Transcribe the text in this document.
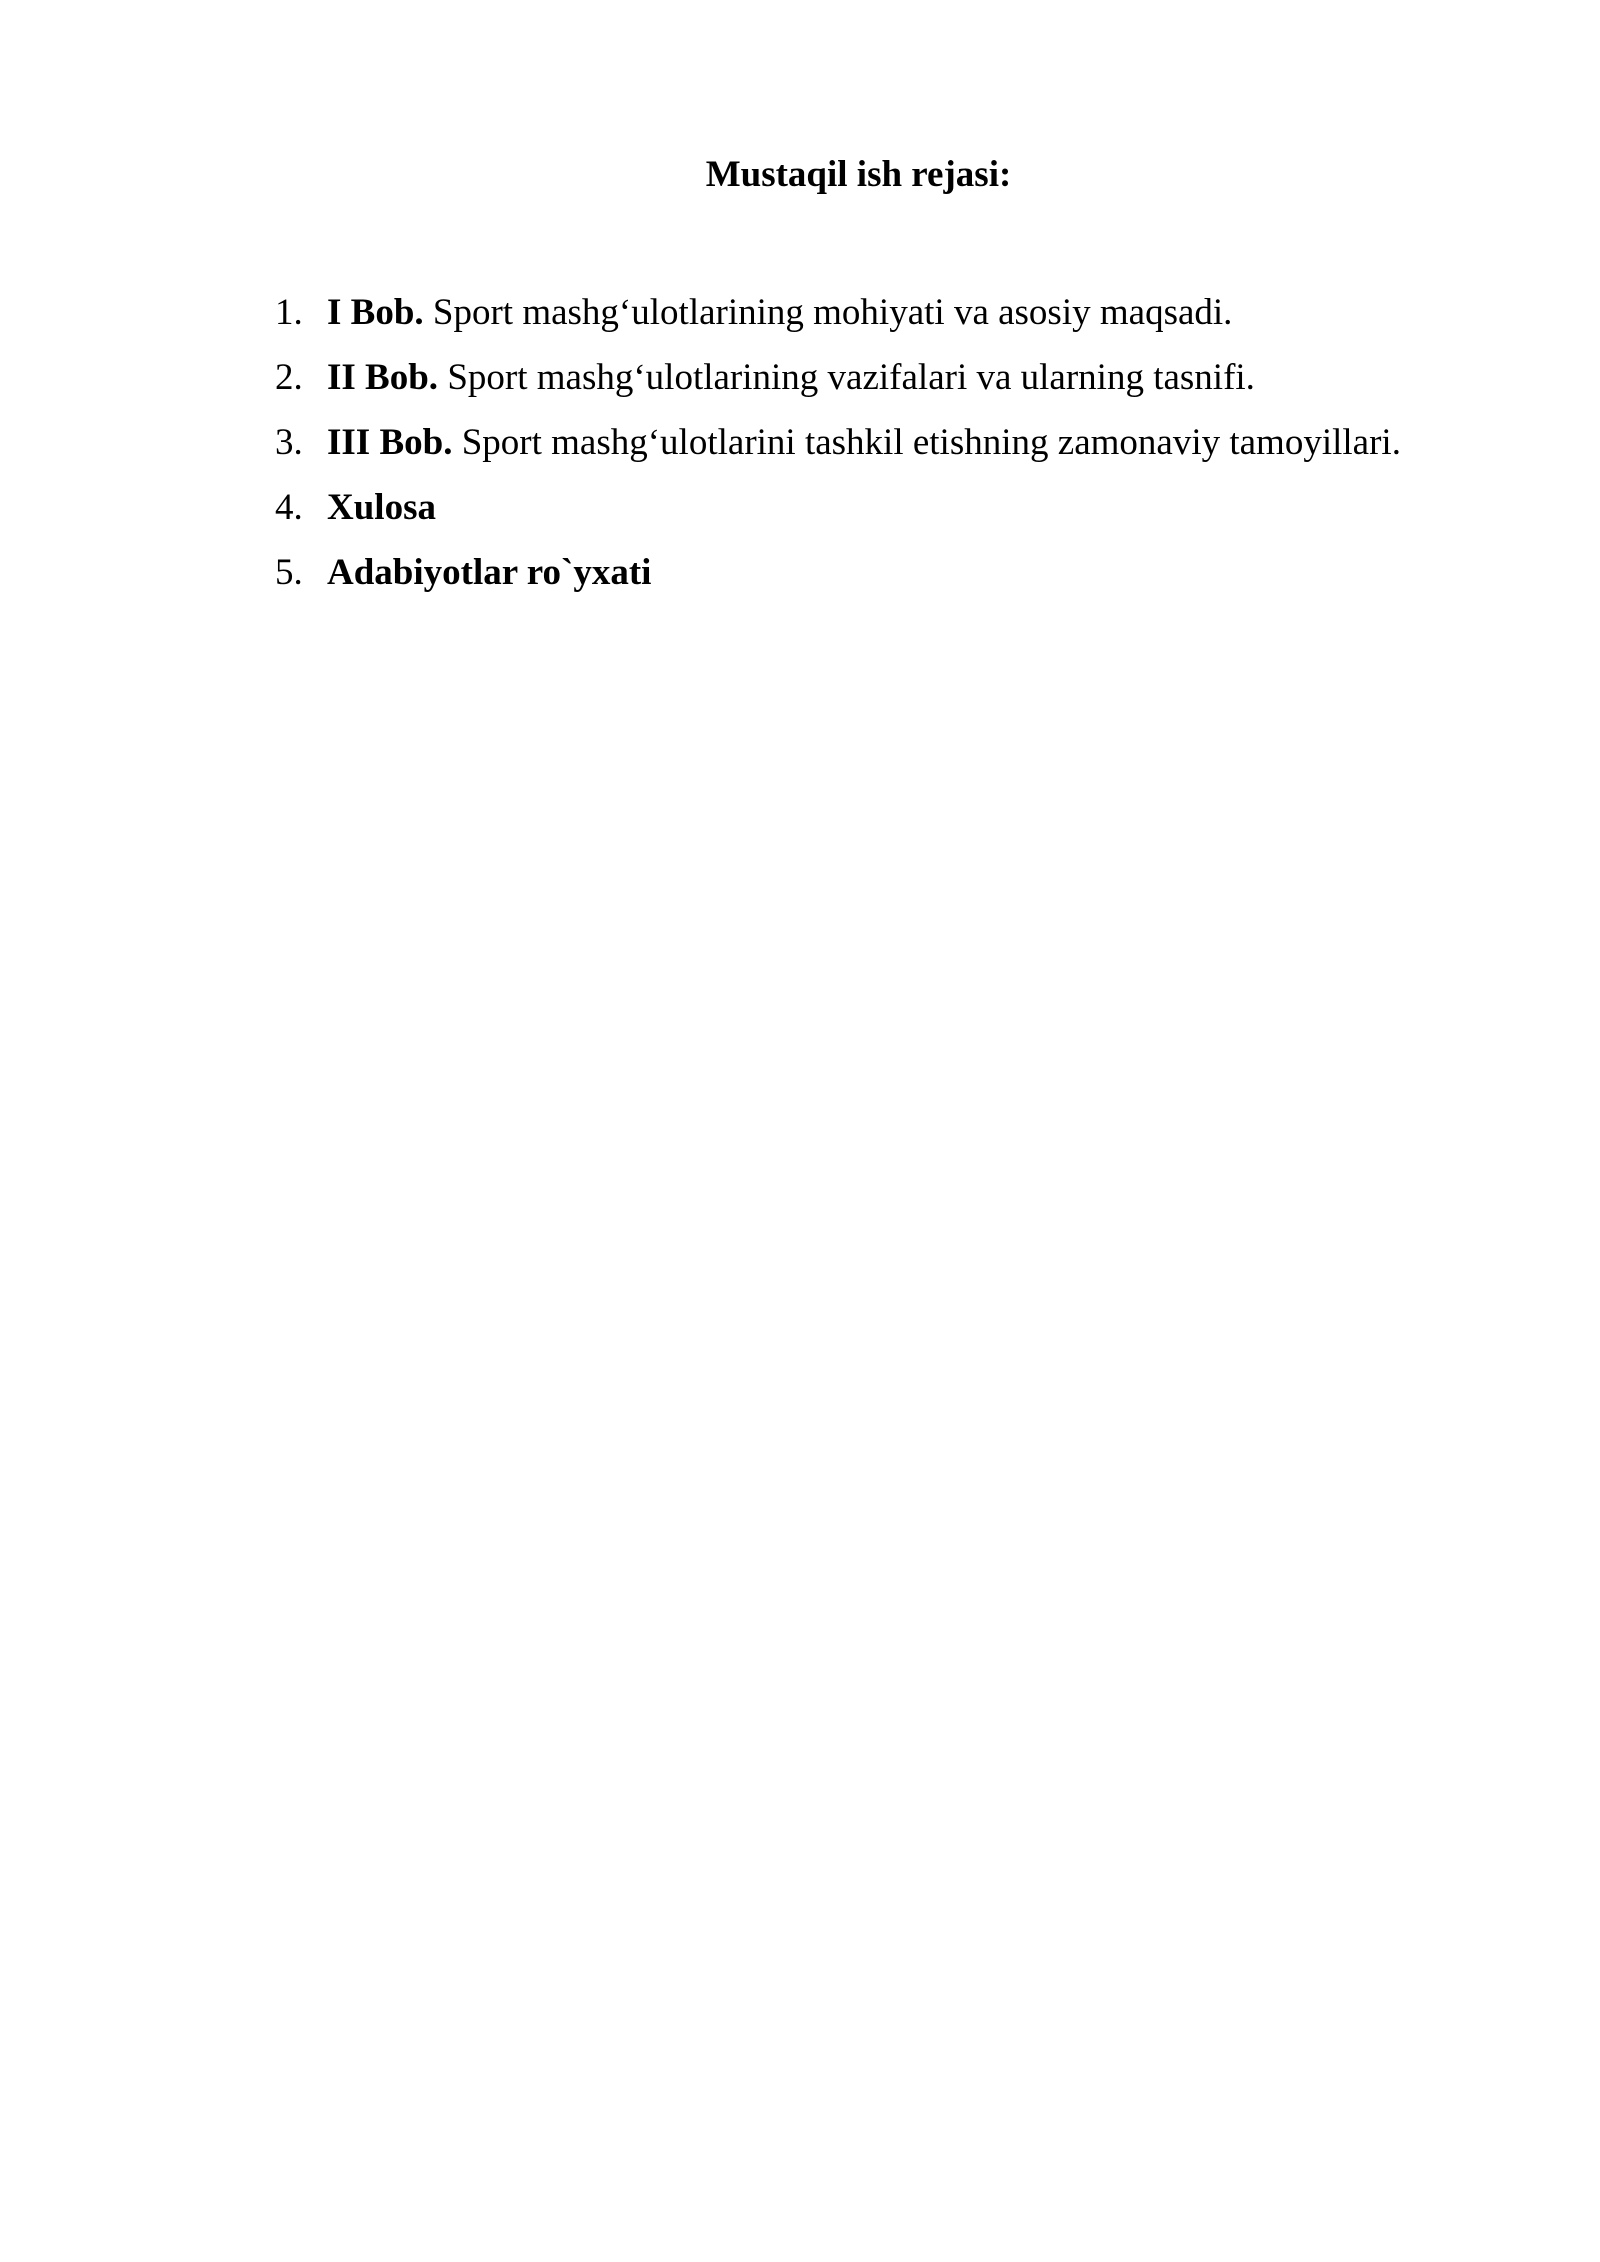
Mustaqil ish rejasi:
1. I Bob. Sport mashg‘ulotlarining mohiyati va asosiy maqsadi.
2. II Bob. Sport mashg‘ulotlarining vazifalari va ularning tasnifi.
3. III Bob. Sport mashg‘ulotlarini tashkil etishning zamonaviy tamoyillari.
4. Xulosa
5. Adabiyotlar ro`yxati
